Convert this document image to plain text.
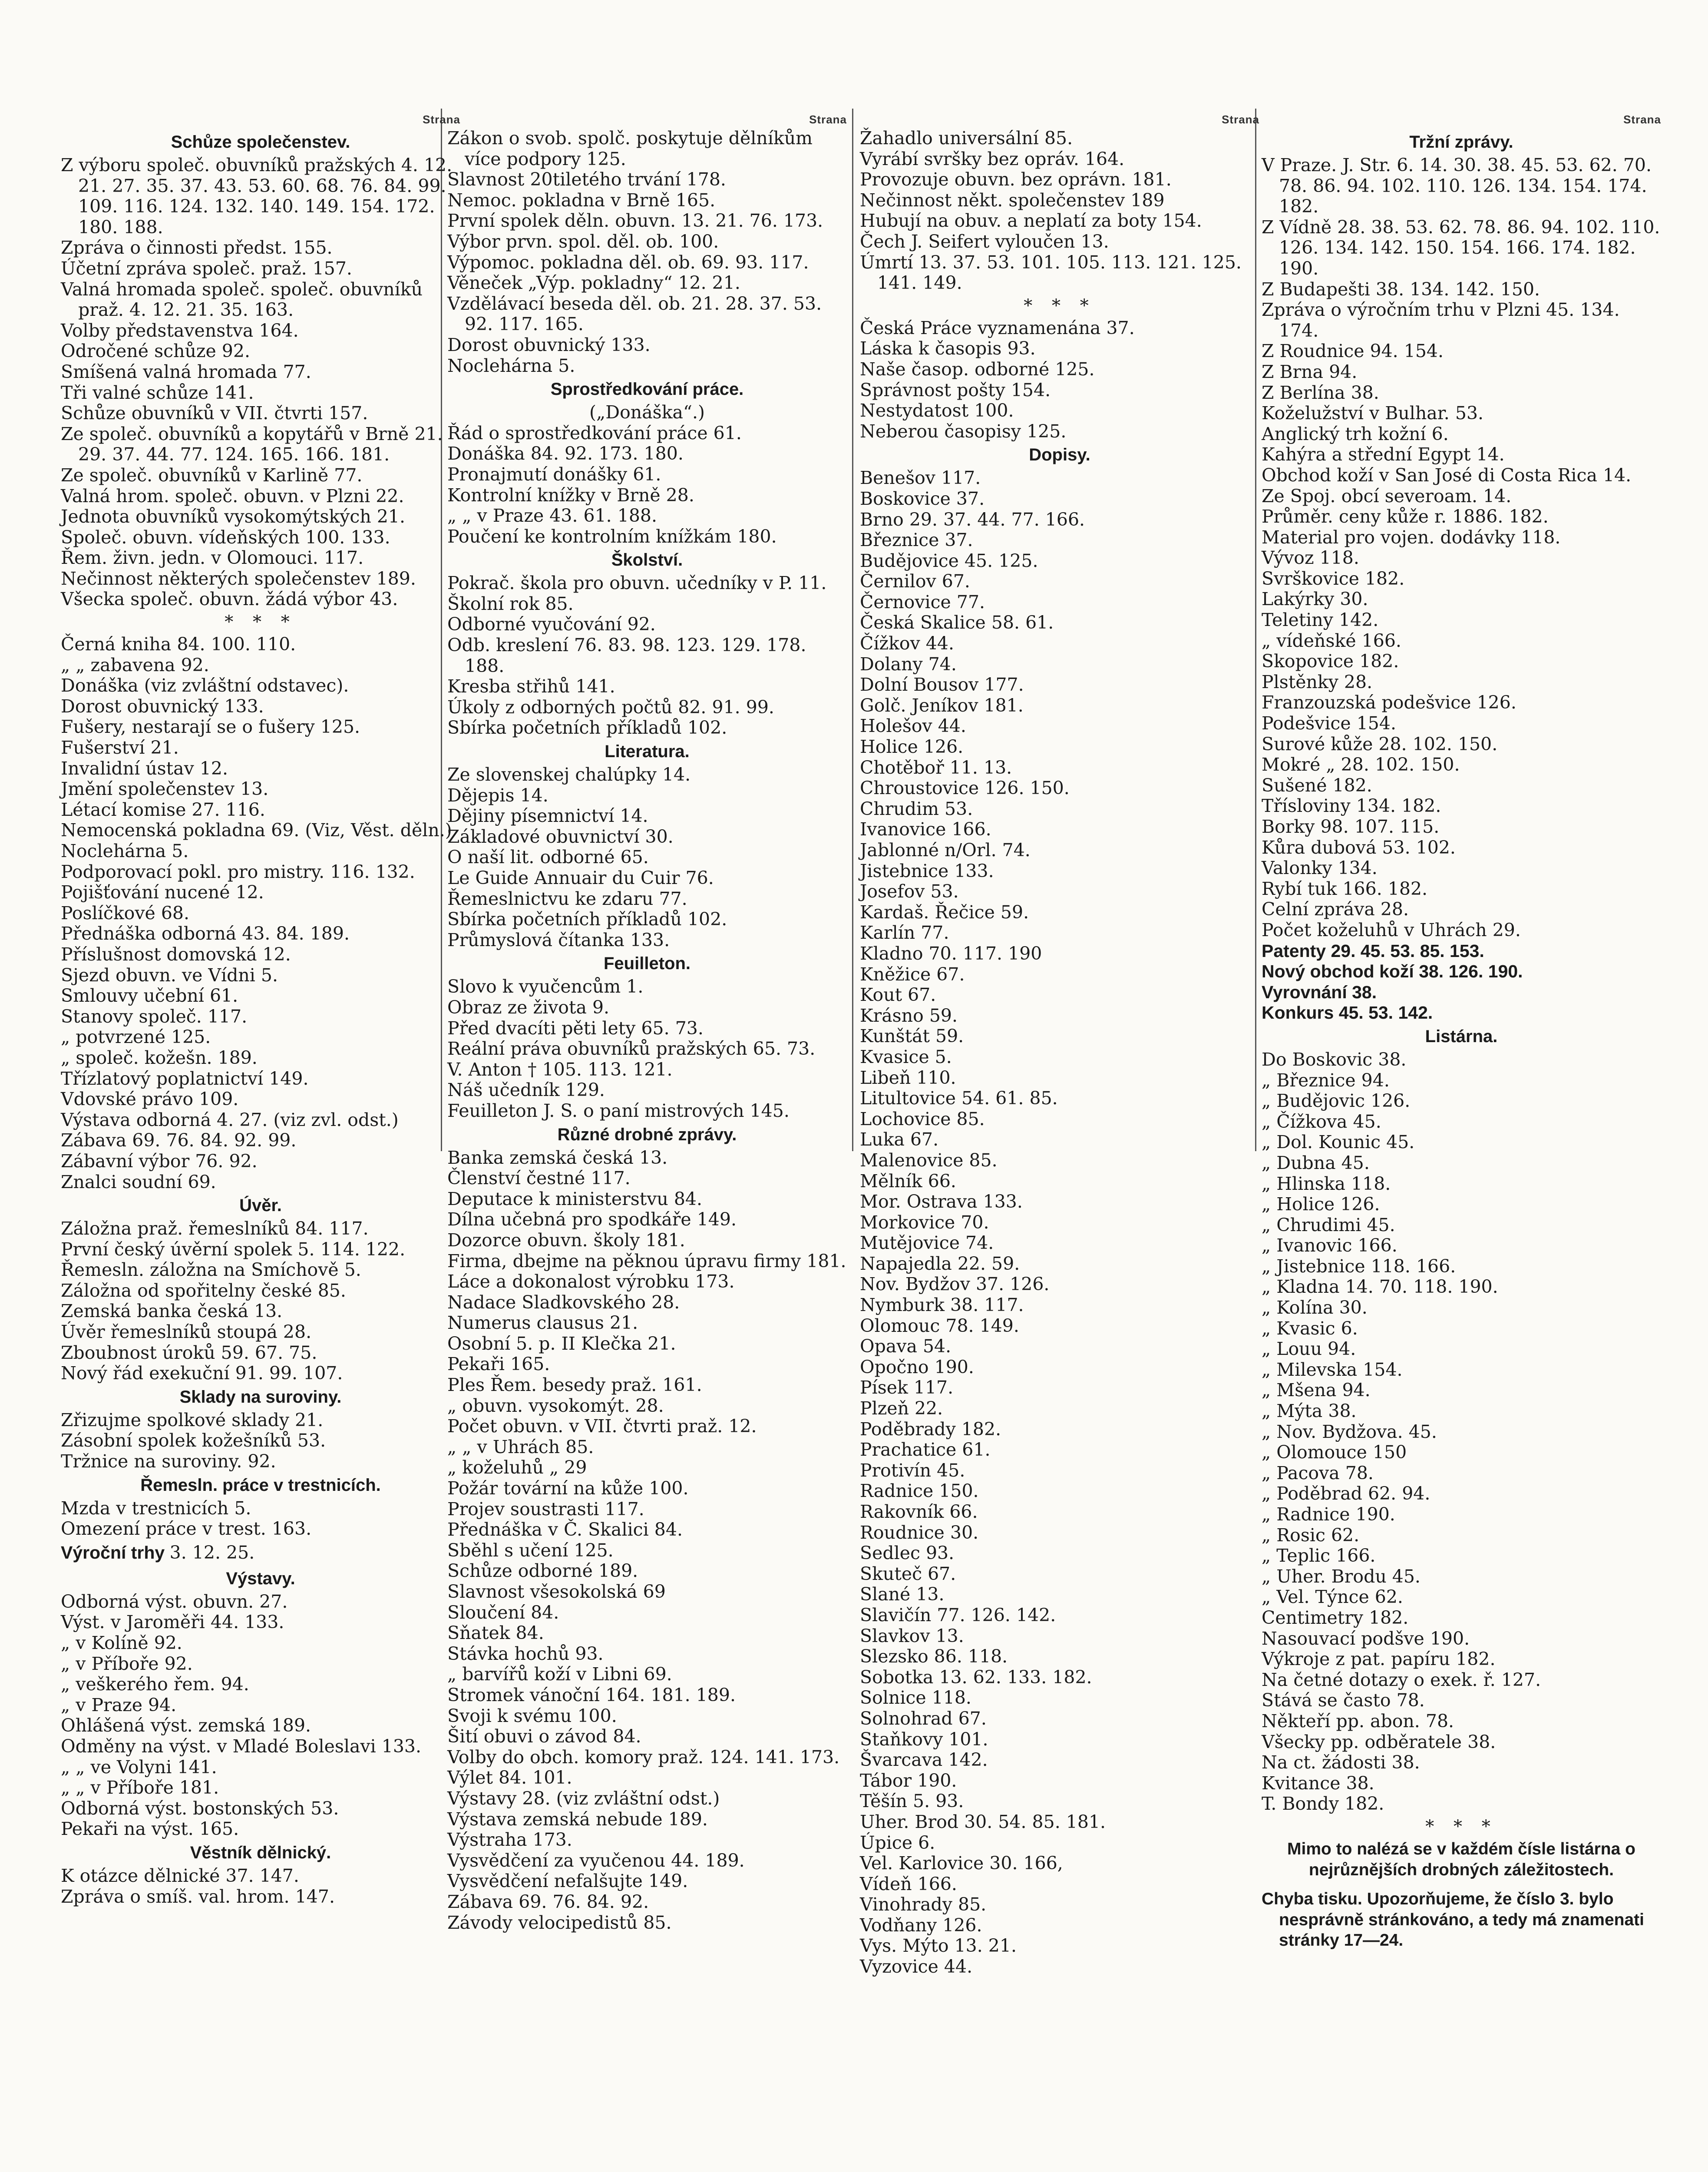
Strana
Schůze společenstev.
Z výboru společ. obuvníků pražských 4. 12. 21. 27. 35. 37. 43. 53. 60. 68. 76. 84. 99. 109. 116. 124. 132. 140. 149. 154. 172. 180. 188.
Zpráva o činnosti předst. 155.
Účetní zpráva společ. praž. 157.
Valná hromada společ. společ. obuvníků praž. 4. 12. 21. 35. 163.
Volby představenstva 164.
Odročené schůze 92.
Smíšená valná hromada 77.
Tři valné schůze 141.
Schůze obuvníků v VII. čtvrti 157.
Ze společ. obuvníků a kopytářů v Brně 21. 29. 37. 44. 77. 124. 165. 166. 181.
Ze společ. obuvníků v Karlině 77.
Valná hrom. společ. obuvn. v Plzni 22.
Jednota obuvníků vysokomýtských 21.
Společ. obuvn. vídeňských 100. 133.
Řem. živn. jedn. v Olomouci. 117.
Nečinnost některých společenstev 189.
Všecka společ. obuvn. žádá výbor 43.
* * *
Černá kniha 84. 100. 110.
„ „ zabavena 92.
Donáška (viz zvláštní odstavec).
Dorost obuvnický 133.
Fušery, nestarají se o fušery 125.
Fušerství 21.
Invalidní ústav 12.
Jmění společenstev 13.
Létací komise 27. 116.
Nemocenská pokladna 69. (Viz, Věst. děln.)
Noclehárna 5.
Podporovací pokl. pro mistry. 116. 132.
Pojišťování nucené 12.
Poslíčkové 68.
Přednáška odborná 43. 84. 189.
Příslušnost domovská 12.
Sjezd obuvn. ve Vídni 5.
Smlouvy učební 61.
Stanovy společ. 117.
„ potvrzené 125.
„ společ. kožešn. 189.
Třízlatový poplatnictví 149.
Vdovské právo 109.
Výstava odborná 4. 27. (viz zvl. odst.)
Zábava 69. 76. 84. 92. 99.
Zábavní výbor 76. 92.
Znalci soudní 69.
Úvěr.
Záložna praž. řemeslníků 84. 117.
První český úvěrní spolek 5. 114. 122.
Řemesln. záložna na Smíchově 5.
Záložna od spořitelny české 85.
Zemská banka česká 13.
Úvěr řemeslníků stoupá 28.
Zboubnost úroků 59. 67. 75.
Nový řád exekuční 91. 99. 107.
Sklady na suroviny.
Zřizujme spolkové sklady 21.
Zásobní spolek kožešníků 53.
Tržnice na suroviny. 92.
Řemesln. práce v trestnicích.
Mzda v trestnicích 5.
Omezení práce v trest. 163.
Výroční trhy 3. 12. 25.
Výstavy.
Odborná výst. obuvn. 27.
Výst. v Jaroměři 44. 133.
„ v Kolíně 92.
„ v Příboře 92.
„ veškerého řem. 94.
„ v Praze 94.
Ohlášená výst. zemská 189.
Odměny na výst. v Mladé Boleslavi 133.
„ „ ve Volyni 141.
„ „ v Příboře 181.
Odborná výst. bostonských 53.
Pekaři na výst. 165.
Věstník dělnický.
K otázce dělnické 37. 147.
Zpráva o smíš. val. hrom. 147.
Strana
Zákon o svob. spolč. poskytuje dělníkům více podpory 125.
Slavnost 20tiletého trvání 178.
Nemoc. pokladna v Brně 165.
První spolek děln. obuvn. 13. 21. 76. 173.
Výbor prvn. spol. děl. ob. 100.
Výpomoc. pokladna děl. ob. 69. 93. 117.
Věneček „Výp. pokladny“ 12. 21.
Vzdělávací beseda děl. ob. 21. 28. 37. 53. 92. 117. 165.
Dorost obuvnický 133.
Noclehárna 5.
Sprostředkování práce.
(„Donáška“.)
Řád o sprostředkování práce 61.
Donáška 84. 92. 173. 180.
Pronajmutí donášky 61.
Kontrolní knížky v Brně 28.
„ „ v Praze 43. 61. 188.
Poučení ke kontrolním knížkám 180.
Školství.
Pokrač. škola pro obuvn. učedníky v P. 11.
Školní rok 85.
Odborné vyučování 92.
Odb. kreslení 76. 83. 98. 123. 129. 178. 188.
Kresba střihů 141.
Úkoly z odborných počtů 82. 91. 99.
Sbírka početních příkladů 102.
Literatura.
Ze slovenskej chalúpky 14.
Dějepis 14.
Dějiny písemnictví 14.
Základové obuvnictví 30.
O naší lit. odborné 65.
Le Guide Annuair du Cuir 76.
Řemeslnictvu ke zdaru 77.
Sbírka početních příkladů 102.
Průmyslová čítanka 133.
Feuilleton.
Slovo k vyučencům 1.
Obraz ze života 9.
Před dvacíti pěti lety 65. 73.
Reální práva obuvníků pražských 65. 73.
V. Anton † 105. 113. 121.
Náš učedník 129.
Feuilleton J. S. o paní mistrových 145.
Různé drobné zprávy.
Banka zemská česká 13.
Členství čestné 117.
Deputace k ministerstvu 84.
Dílna učebná pro spodkáře 149.
Dozorce obuvn. školy 181.
Firma, dbejme na pěknou úpravu firmy 181.
Láce a dokonalost výrobku 173.
Nadace Sladkovského 28.
Numerus clausus 21.
Osobní 5. p. II Klečka 21.
Pekaři 165.
Ples Řem. besedy praž. 161.
„ obuvn. vysokomýt. 28.
Počet obuvn. v VII. čtvrti praž. 12.
„ „ v Uhrách 85.
„ koželuhů „ 29
Požár tovární na kůže 100.
Projev soustrasti 117.
Přednáška v Č. Skalici 84.
Sběhl s učení 125.
Schůze odborné 189.
Slavnost všesokolská 69
Sloučení 84.
Sňatek 84.
Stávka hochů 93.
„ barvířů koží v Libni 69.
Stromek vánoční 164. 181. 189.
Svoji k svému 100.
Šití obuvi o závod 84.
Volby do obch. komory praž. 124. 141. 173.
Výlet 84. 101.
Výstavy 28. (viz zvláštní odst.)
Výstava zemská nebude 189.
Výstraha 173.
Vysvědčení za vyučenou 44. 189.
Vysvědčení nefalšujte 149.
Zábava 69. 76. 84. 92.
Závody velocipedistů 85.
Strana
Žahadlo universální 85.
Vyrábí svršky bez opráv. 164.
Provozuje obuvn. bez oprávn. 181.
Nečinnost někt. společenstev 189
Hubují na obuv. a neplatí za boty 154.
Čech J. Seifert vyloučen 13.
Úmrtí 13. 37. 53. 101. 105. 113. 121. 125. 141. 149.
* * *
Česká Práce vyznamenána 37.
Láska k časopis 93.
Naše časop. odborné 125.
Správnost pošty 154.
Nestydatost 100.
Neberou časopisy 125.
Dopisy.
Benešov 117.
Boskovice 37.
Brno 29. 37. 44. 77. 166.
Březnice 37.
Budějovice 45. 125.
Černilov 67.
Černovice 77.
Česká Skalice 58. 61.
Čížkov 44.
Dolany 74.
Dolní Bousov 177.
Golč. Jeníkov 181.
Holešov 44.
Holice 126.
Chotěboř 11. 13.
Chroustovice 126. 150.
Chrudim 53.
Ivanovice 166.
Jablonné n/Orl. 74.
Jistebnice 133.
Josefov 53.
Kardaš. Řečice 59.
Karlín 77.
Kladno 70. 117. 190
Kněžice 67.
Kout 67.
Krásno 59.
Kunštát 59.
Kvasice 5.
Libeň 110.
Litultovice 54. 61. 85.
Lochovice 85.
Luka 67.
Malenovice 85.
Mělník 66.
Mor. Ostrava 133.
Morkovice 70.
Mutějovice 74.
Napajedla 22. 59.
Nov. Bydžov 37. 126.
Nymburk 38. 117.
Olomouc 78. 149.
Opava 54.
Opočno 190.
Písek 117.
Plzeň 22.
Poděbrady 182.
Prachatice 61.
Protivín 45.
Radnice 150.
Rakovník 66.
Roudnice 30.
Sedlec 93.
Skuteč 67.
Slané 13.
Slavičín 77. 126. 142.
Slavkov 13.
Slezsko 86. 118.
Sobotka 13. 62. 133. 182.
Solnice 118.
Solnohrad 67.
Staňkovy 101.
Švarcava 142.
Tábor 190.
Těšín 5. 93.
Uher. Brod 30. 54. 85. 181.
Úpice 6.
Vel. Karlovice 30. 166,
Vídeň 166.
Vinohrady 85.
Vodňany 126.
Vys. Mýto 13. 21.
Vyzovice 44.
Strana
Tržní zprávy.
V Praze. J. Str. 6. 14. 30. 38. 45. 53. 62. 70. 78. 86. 94. 102. 110. 126. 134. 154. 174. 182.
Z Vídně 28. 38. 53. 62. 78. 86. 94. 102. 110. 126. 134. 142. 150. 154. 166. 174. 182. 190.
Z Budapešti 38. 134. 142. 150.
Zpráva o výročním trhu v Plzni 45. 134. 174.
Z Roudnice 94. 154.
Z Brna 94.
Z Berlína 38.
Koželužství v Bulhar. 53.
Anglický trh kožní 6.
Kahýra a střední Egypt 14.
Obchod koží v San José di Costa Rica 14.
Ze Spoj. obcí severoam. 14.
Průměr. ceny kůže r. 1886. 182.
Material pro vojen. dodávky 118.
Vývoz 118.
Svrškovice 182.
Lakýrky 30.
Teletiny 142.
„ vídeňské 166.
Skopovice 182.
Plstěnky 28.
Franzouzská podešvice 126.
Podešvice 154.
Surové kůže 28. 102. 150.
Mokré „ 28. 102. 150.
Sušené 182.
Třísloviny 134. 182.
Borky 98. 107. 115.
Kůra dubová 53. 102.
Valonky 134.
Rybí tuk 166. 182.
Celní zpráva 28.
Počet koželuhů v Uhrách 29.
Patenty 29. 45. 53. 85. 153.
Nový obchod koží 38. 126. 190.
Vyrovnání 38.
Konkurs 45. 53. 142.
Listárna.
Do Boskovic 38.
„ Březnice 94.
„ Budějovic 126.
„ Čížkova 45.
„ Dol. Kounic 45.
„ Dubna 45.
„ Hlinska 118.
„ Holice 126.
„ Chrudimi 45.
„ Ivanovic 166.
„ Jistebnice 118. 166.
„ Kladna 14. 70. 118. 190.
„ Kolína 30.
„ Kvasic 6.
„ Louu 94.
„ Milevska 154.
„ Mšena 94.
„ Mýta 38.
„ Nov. Bydžova. 45.
„ Olomouce 150
„ Pacova 78.
„ Poděbrad 62. 94.
„ Radnice 190.
„ Rosic 62.
„ Teplic 166.
„ Uher. Brodu 45.
„ Vel. Týnce 62.
Centimetry 182.
Nasouvací podšve 190.
Výkroje z pat. papíru 182.
Na četné dotazy o exek. ř. 127.
Stává se často 78.
Někteří pp. abon. 78.
Všecky pp. odběratele 38.
Na ct. žádosti 38.
Kvitance 38.
T. Bondy 182.
* * *
Mimo to nalézá se v každém čísle listárna o nejrůznějších drobných záležitostech.
Chyba tisku. Upozorňujeme, že číslo 3. bylo nesprávně stránkováno, a tedy má znamenati stránky 17—24.
